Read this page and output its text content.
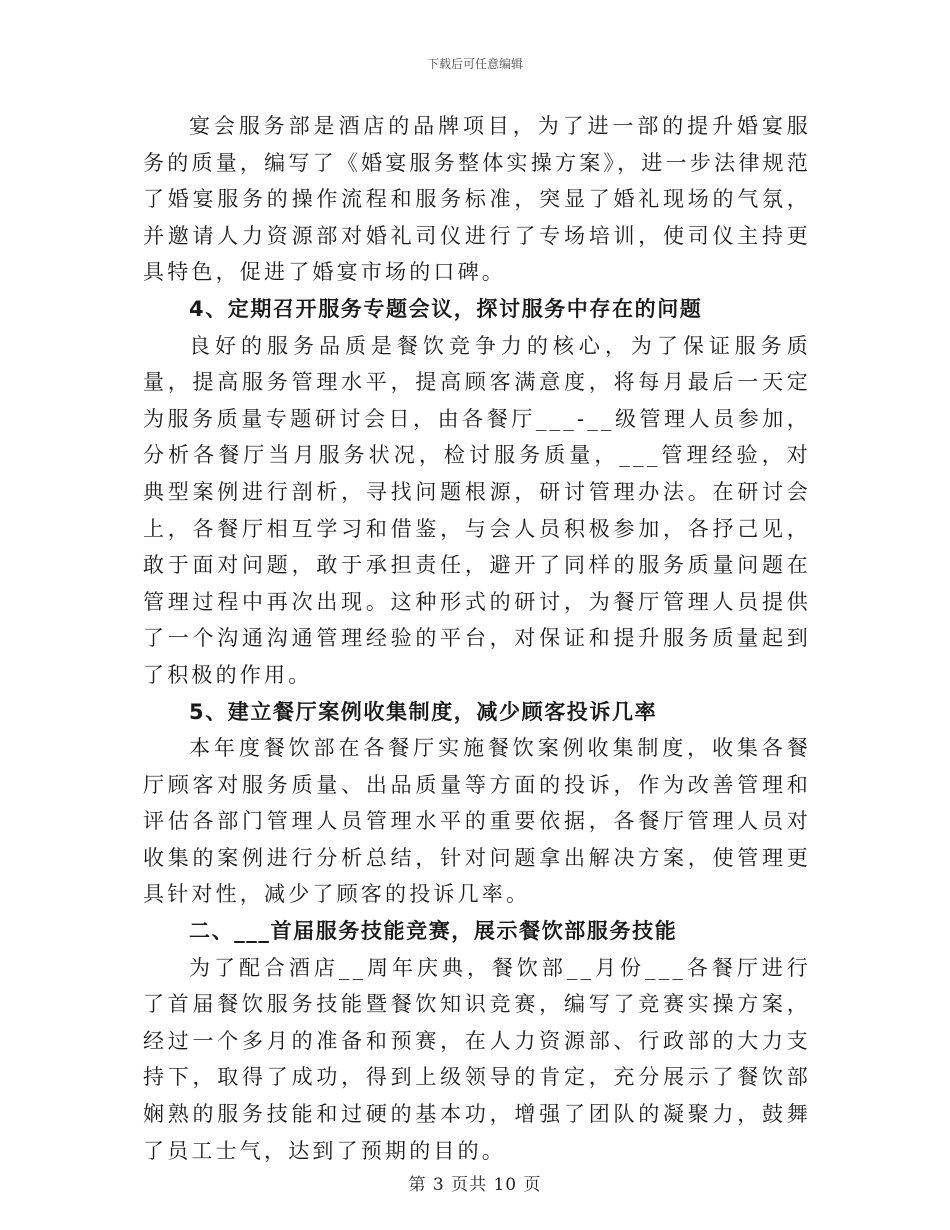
下载后可任意编辑

宴会服务部是酒店的品牌项目，为了进一部的提升婚宴服务的质量，编写了《婚宴服务整体实操方案》，进一步法律规范了婚宴服务的操作流程和服务标准，突显了婚礼现场的气氛，并邀请人力资源部对婚礼司仪进行了专场培训，使司仪主持更具特色，促进了婚宴市场的口碑。

4、定期召开服务专题会议，探讨服务中存在的问题

良好的服务品质是餐饮竞争力的核心，为了保证服务质量，提高服务管理水平，提高顾客满意度，将每月最后一天定为服务质量专题研讨会日，由各餐厅___-__级管理人员参加，分析各餐厅当月服务状况，检讨服务质量，___管理经验，对典型案例进行剖析，寻找问题根源，研讨管理办法。在研讨会上，各餐厅相互学习和借鉴，与会人员积极参加，各抒己见，敢于面对问题，敢于承担责任，避开了同样的服务质量问题在管理过程中再次出现。这种形式的研讨，为餐厅管理人员提供了一个沟通沟通管理经验的平台，对保证和提升服务质量起到了积极的作用。

5、建立餐厅案例收集制度，减少顾客投诉几率

本年度餐饮部在各餐厅实施餐饮案例收集制度，收集各餐厅顾客对服务质量、出品质量等方面的投诉，作为改善管理和评估各部门管理人员管理水平的重要依据，各餐厅管理人员对收集的案例进行分析总结，针对问题拿出解决方案，使管理更具针对性，减少了顾客的投诉几率。

二、___首届服务技能竞赛，展示餐饮部服务技能

为了配合酒店__周年庆典，餐饮部__月份___各餐厅进行了首届餐饮服务技能暨餐饮知识竞赛，编写了竞赛实操方案，经过一个多月的准备和预赛，在人力资源部、行政部的大力支持下，取得了成功，得到上级领导的肯定，充分展示了餐饮部娴熟的服务技能和过硬的基本功，增强了团队的凝聚力，鼓舞了员工士气，达到了预期的目的。

第 3 页共 10 页
